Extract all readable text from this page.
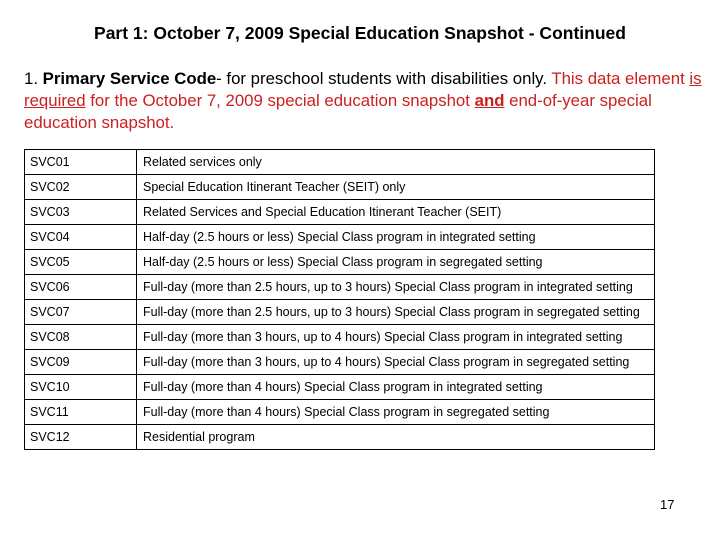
Part 1: October 7, 2009 Special Education Snapshot - Continued
1. Primary Service Code- for preschool students with disabilities only. This data element is required for the October 7, 2009 special education snapshot and end-of-year special education snapshot.
SVC01	Related services only
SVC02	Special Education Itinerant Teacher (SEIT) only
SVC03	Related Services and Special Education Itinerant Teacher (SEIT)
SVC04	Half-day (2.5 hours or less) Special Class program in integrated setting
SVC05	Half-day (2.5 hours or less) Special Class program in segregated setting
SVC06	Full-day (more than 2.5 hours, up to 3 hours) Special Class program in integrated setting
SVC07	Full-day (more than 2.5 hours, up to 3 hours) Special Class program in segregated setting
SVC08	Full-day (more than 3 hours, up to 4 hours) Special Class program in integrated setting
SVC09	Full-day (more than 3 hours, up to 4 hours) Special Class program in segregated setting
SVC10	Full-day (more than 4 hours) Special Class program in integrated setting
SVC11	Full-day (more than 4 hours) Special Class program in segregated setting
SVC12	Residential program
17
